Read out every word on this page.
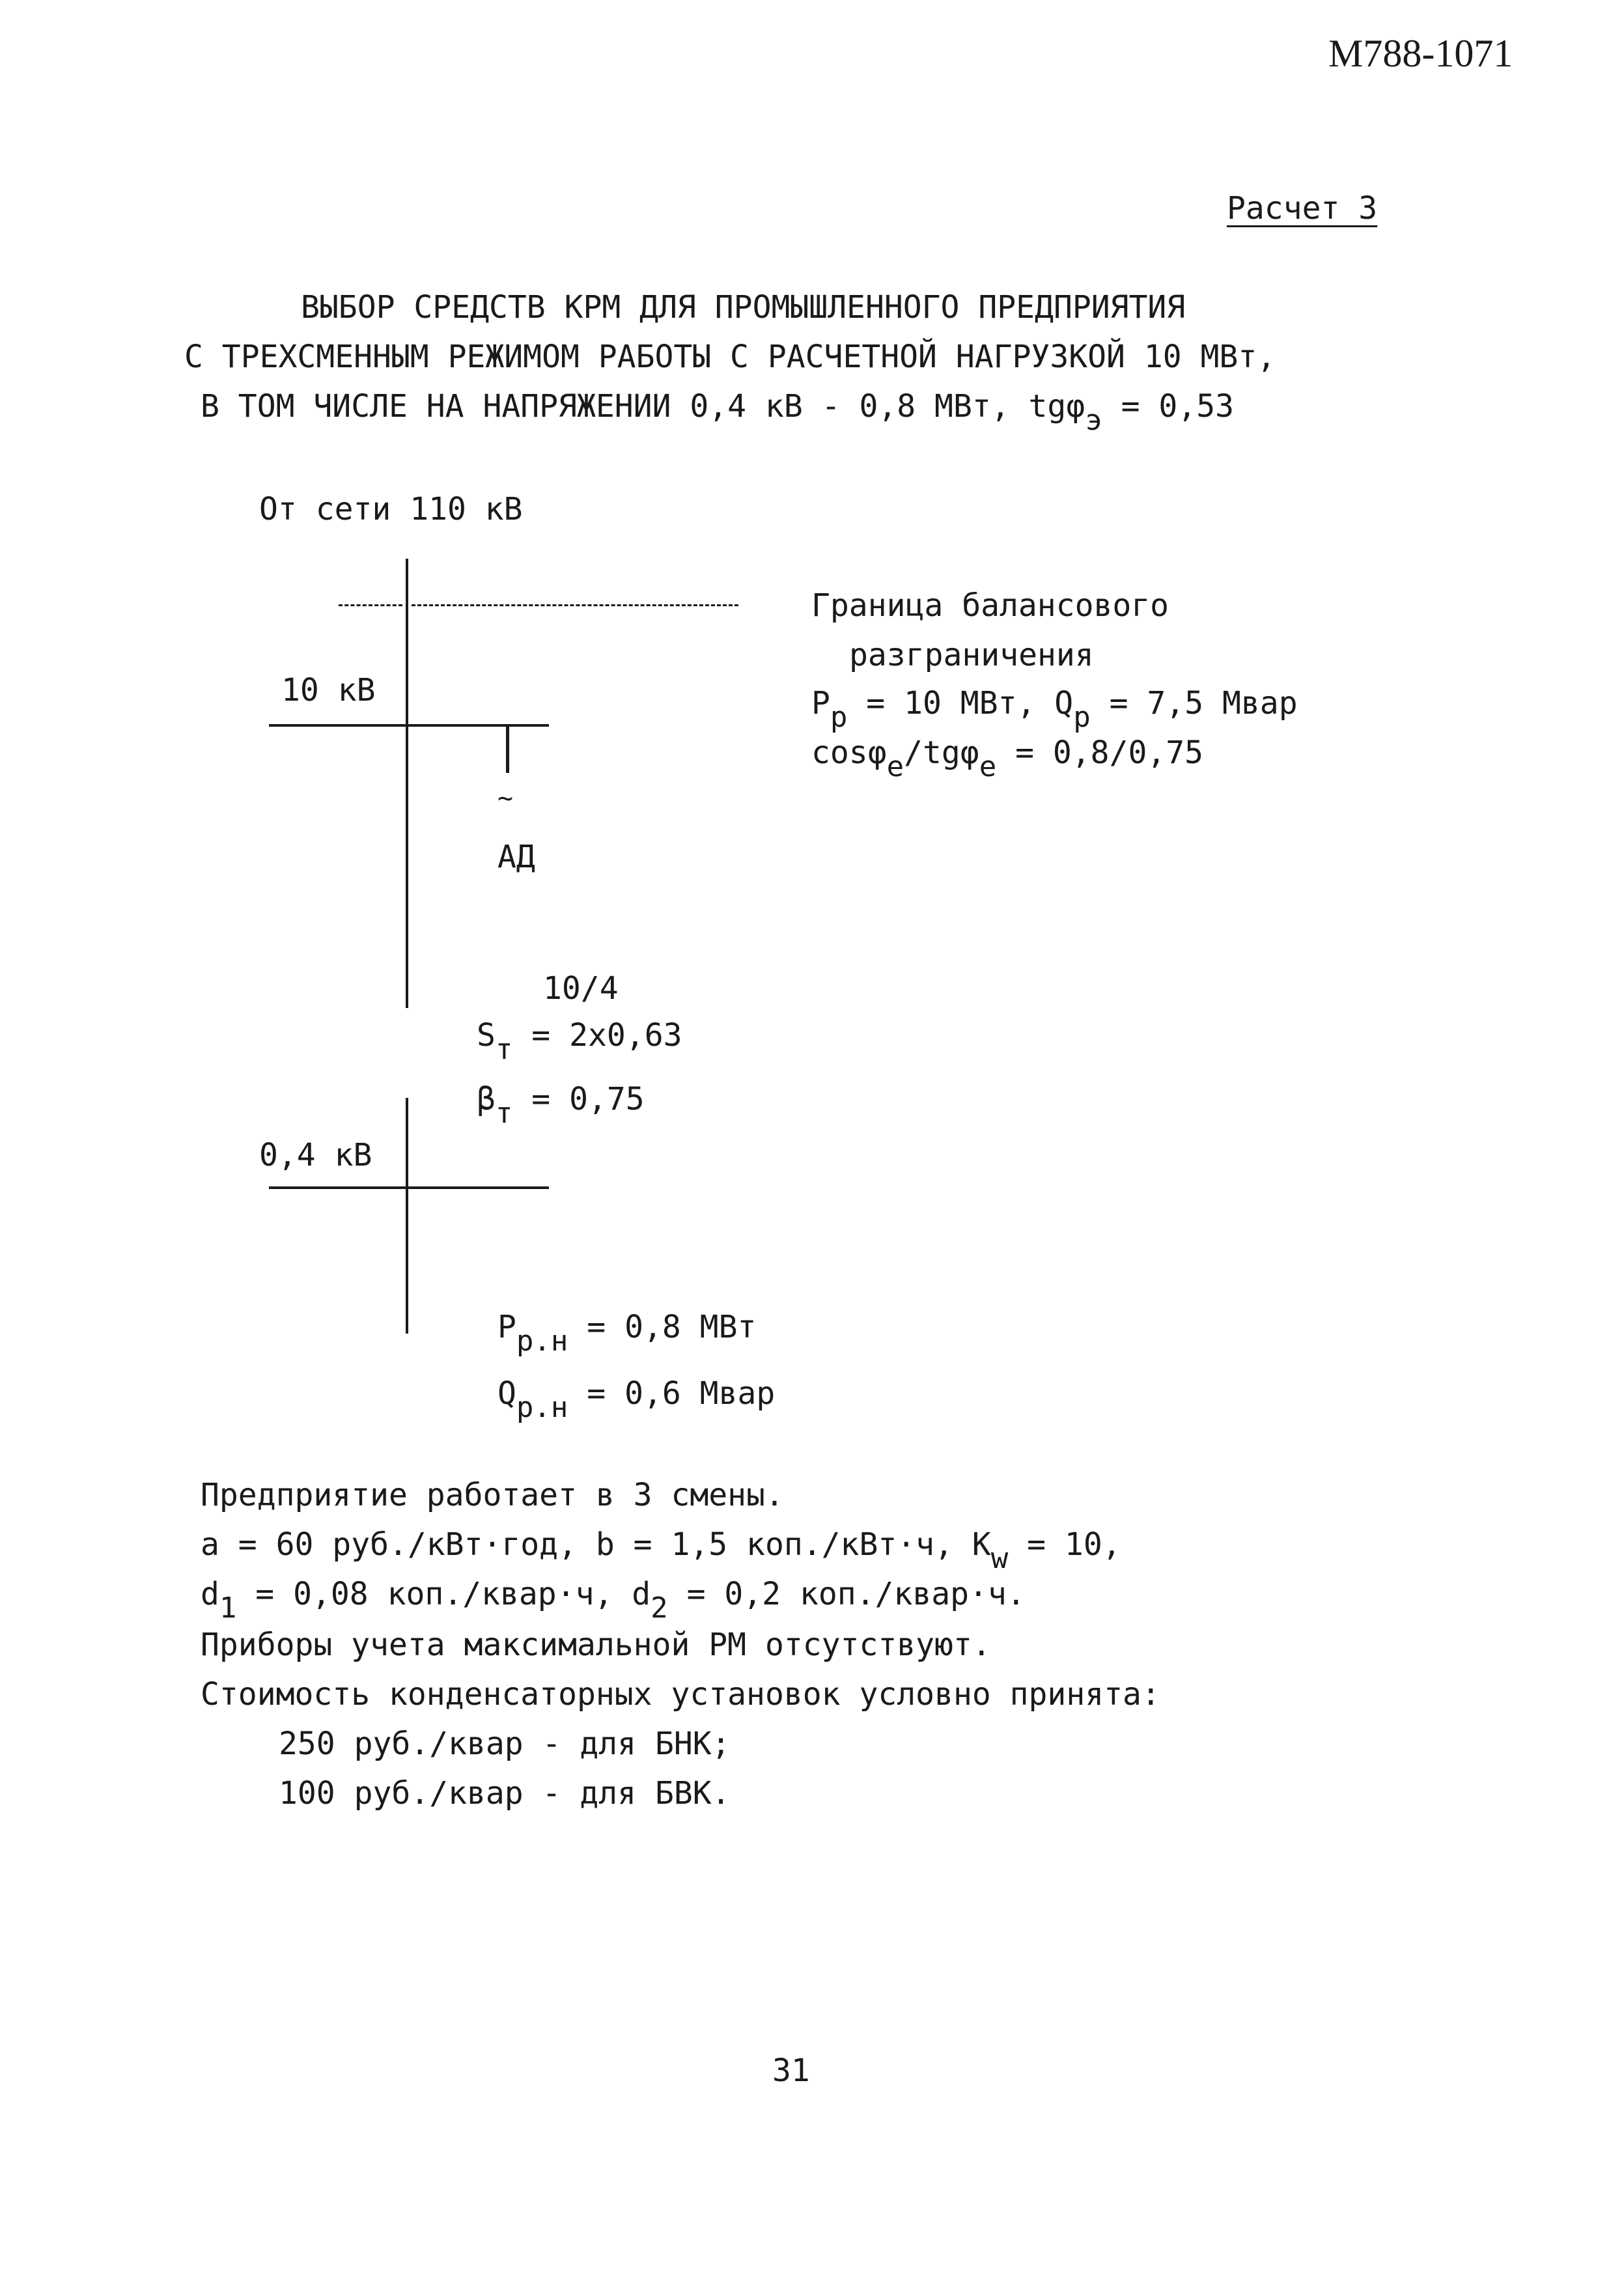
М788-1071
Расчет 3
ВЫБОР СРЕДСТВ КРМ ДЛЯ ПРОМЫШЛЕННОГО ПРЕДПРИЯТИЯ
С ТРЕХСМЕННЫМ РЕЖИМОМ РАБОТЫ С РАСЧЕТНОЙ НАГРУЗКОЙ 10 МВт,
В ТОМ ЧИСЛЕ НА НАПРЯЖЕНИИ 0,4 кВ - 0,8 МВт, tgφ$_э$ = 0,53
От сети 110 кВ
Граница балансового
разграничения
$P_р = 10$ МВт, $Q_р = 7,5$ Мвар
cosφ$_е$/tgφ$_е$ = 0,8/0,75
10 кВ
~
АД
10/4
$S_т = 2x0,63$
$\beta_т = 0,75$
0,4 кВ
$P_{р.н} = 0,8$ МВт
$Q_{р.н} = 0,6$ Мвар
Предприятие работает в 3 смены.
a = 60 руб./кВт·год, b = 1,5 коп./кВт·ч, $K_w = 10$,
$d_1 = 0,08$ коп./квар·ч, $d_2 = 0,2$ коп./квар·ч.
Приборы учета максимальной РМ отсутствуют.
Стоимость конденсаторных установок условно принята:
250 руб./квар - для БНК;
100 руб./квар - для БВК.
31
